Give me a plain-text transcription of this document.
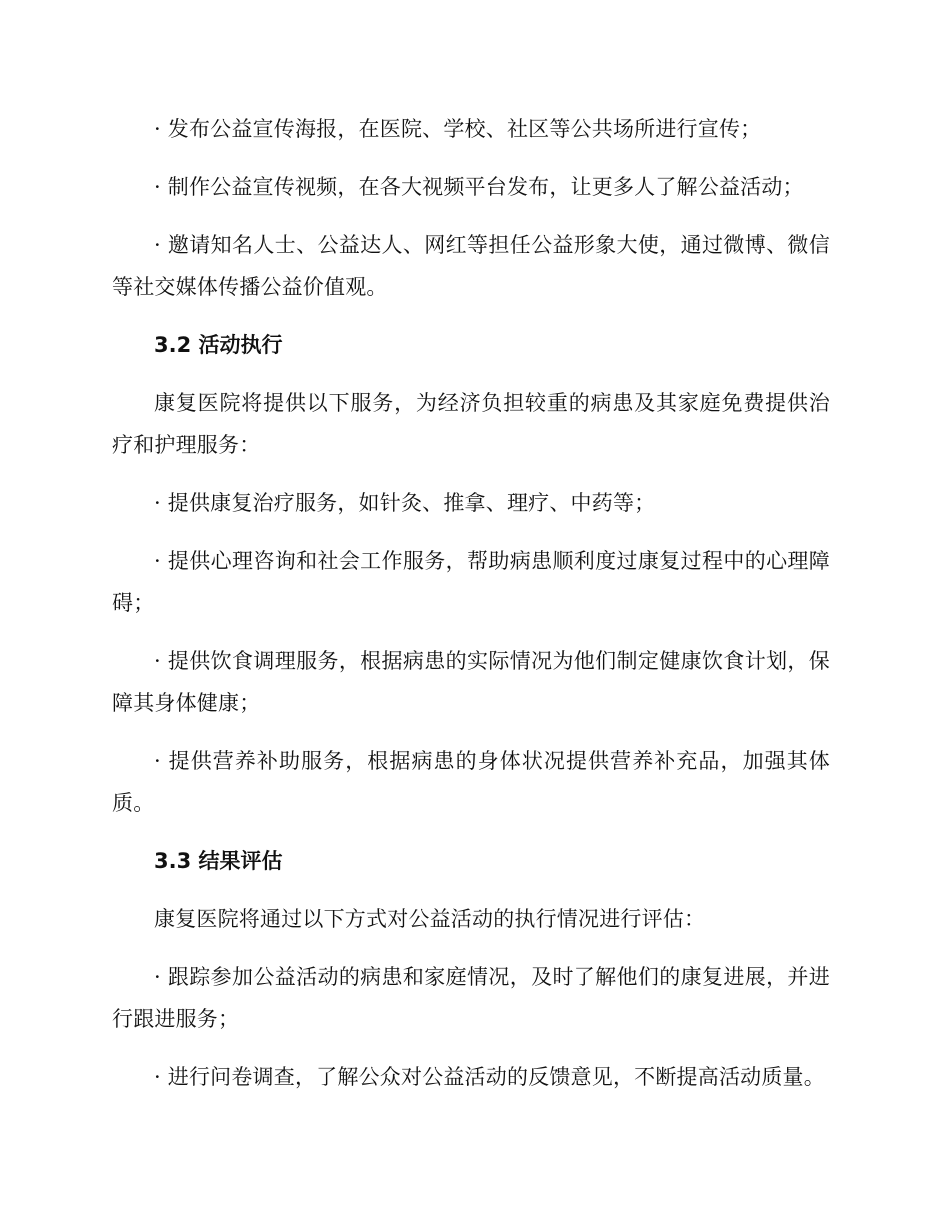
· 发布公益宣传海报，在医院、学校、社区等公共场所进行宣传；

· 制作公益宣传视频，在各大视频平台发布，让更多人了解公益活动；

· 邀请知名人士、公益达人、网红等担任公益形象大使，通过微博、微信等社交媒体传播公益价值观。

3.2 活动执行

康复医院将提供以下服务，为经济负担较重的病患及其家庭免费提供治疗和护理服务：

· 提供康复治疗服务，如针灸、推拿、理疗、中药等；

· 提供心理咨询和社会工作服务，帮助病患顺利度过康复过程中的心理障碍；

· 提供饮食调理服务，根据病患的实际情况为他们制定健康饮食计划，保障其身体健康；

· 提供营养补助服务，根据病患的身体状况提供营养补充品，加强其体质。

3.3 结果评估

康复医院将通过以下方式对公益活动的执行情况进行评估：

· 跟踪参加公益活动的病患和家庭情况，及时了解他们的康复进展，并进行跟进服务；

· 进行问卷调查，了解公众对公益活动的反馈意见，不断提高活动质量。
